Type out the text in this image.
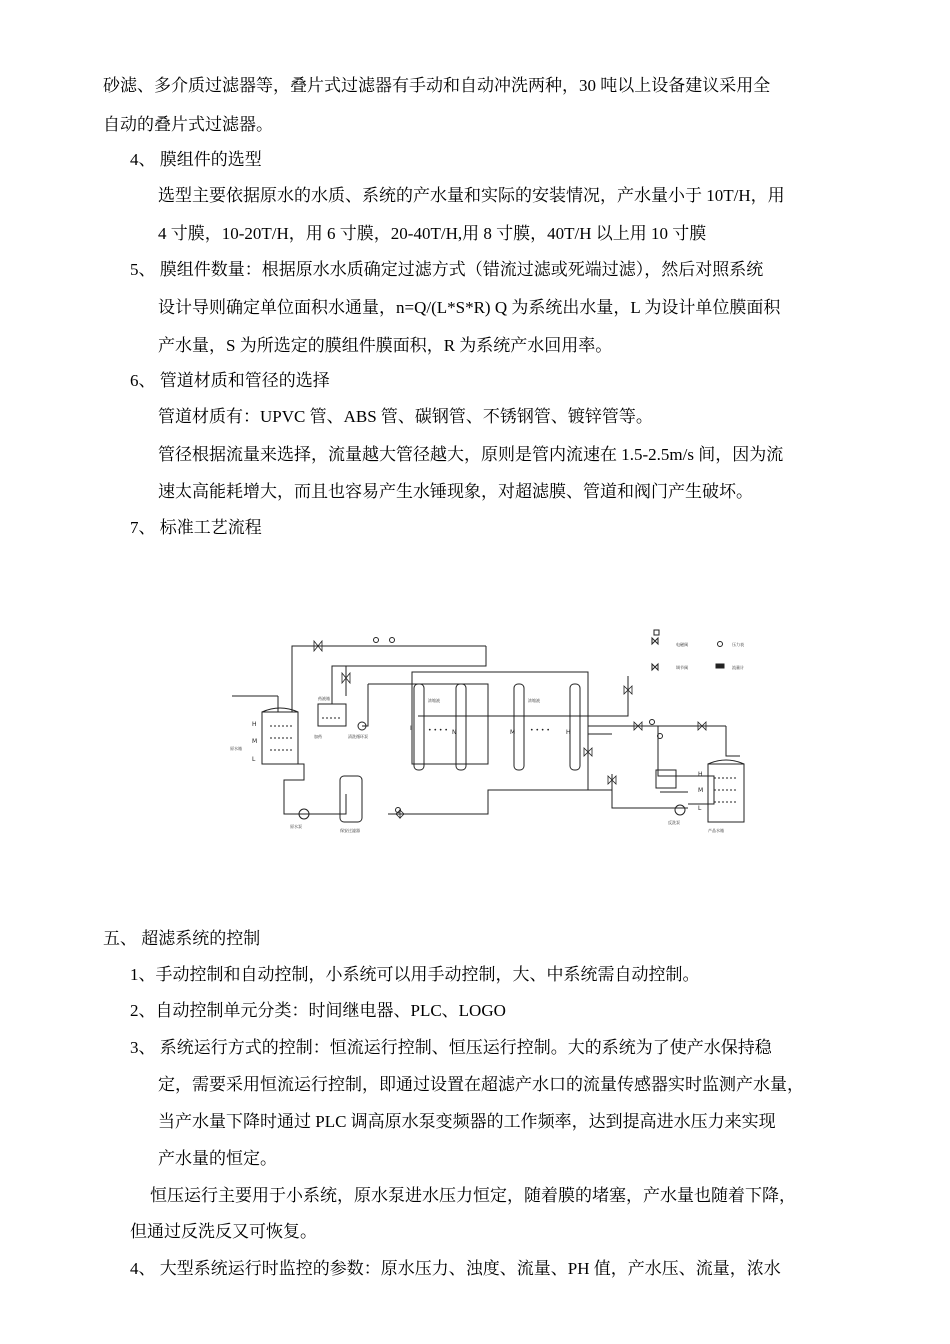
砂滤、多介质过滤器等，叠片式过滤器有手动和自动冲洗两种，30 吨以上设备建议采用全
自动的叠片式过滤器。
4、 膜组件的选型
选型主要依据原水的水质、系统的产水量和实际的安装情况，产水量小于 10T/H，用
4 寸膜，10-20T/H，用 6 寸膜，20-40T/H,用 8 寸膜，40T/H 以上用 10 寸膜
5、 膜组件数量：根据原水水质确定过滤方式（错流过滤或死端过滤），然后对照系统
设计导则确定单位面积水通量，n=Q/(L*S*R) Q 为系统出水量，L 为设计单位膜面积
产水量，S 为所选定的膜组件膜面积，R 为系统产水回用率。
6、 管道材质和管径的选择
管道材质有：UPVC 管、ABS 管、碳钢管、不锈钢管、镀锌管等。
管径根据流量来选择，流量越大管径越大，原则是管内流速在 1.5-2.5m/s 间，因为流
速太高能耗增大，而且也容易产生水锤现象，对超滤膜、管道和阀门产生破坏。
7、 标准工艺流程
H
M
L
原水箱
保安过滤器
原水泵
药液箱
清洗循环泵
加药
I
N	M	H
• • • •	• • • •
浓缩液	浓缩液
反洗泵
H
M
L
产品水箱
电磁阀	压力表
调节阀	流量计
五、 超滤系统的控制
1、手动控制和自动控制，小系统可以用手动控制，大、中系统需自动控制。
2、自动控制单元分类：时间继电器、PLC、LOGO
3、 系统运行方式的控制：恒流运行控制、恒压运行控制。大的系统为了使产水保持稳
定，需要采用恒流运行控制，即通过设置在超滤产水口的流量传感器实时监测产水量，
当产水量下降时通过 PLC 调高原水泵变频器的工作频率，达到提高进水压力来实现
产水量的恒定。
恒压运行主要用于小系统，原水泵进水压力恒定，随着膜的堵塞，产水量也随着下降，
但通过反洗反又可恢复。
4、 大型系统运行时监控的参数：原水压力、浊度、流量、PH 值，产水压、流量，浓水
